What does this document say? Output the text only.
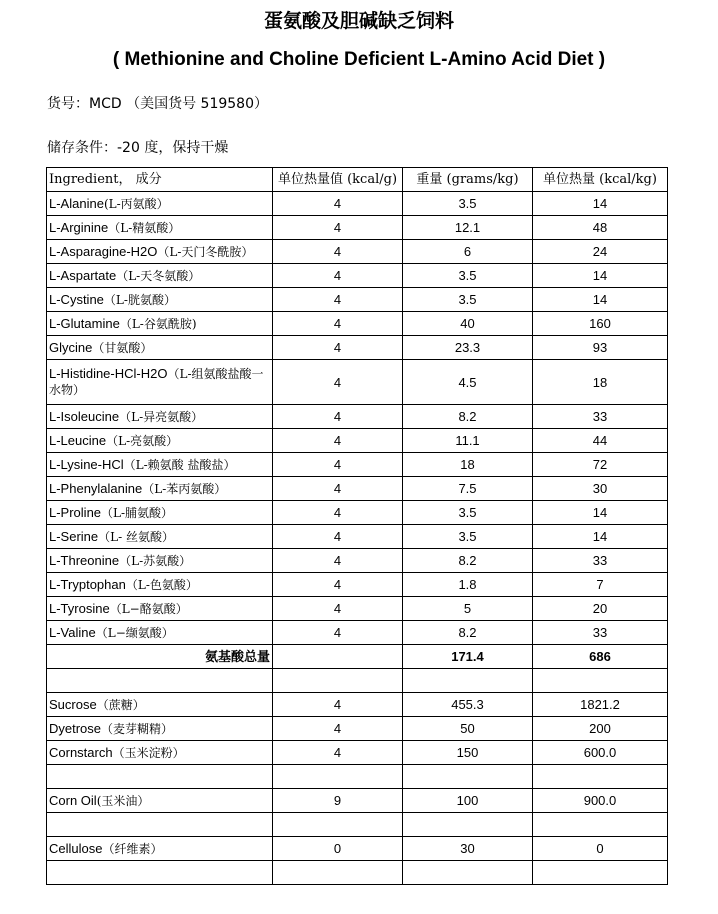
蛋氨酸及胆碱缺乏饲料
( Methionine and Choline Deficient L-Amino Acid Diet )
货号：MCD （美国货号 519580）
储存条件：-20 度，保持干燥
Ingredient， 成分	单位热量值 (kcal/g)	重量 (grams/kg)	单位热量 (kcal/kg)
L-Alanine(L-丙氨酸）	4	3.5	14
L-Arginine（L-精氨酸）	4	12.1	48
L-Asparagine-H2O（L-天门冬酰胺）	4	6	24
L-Aspartate（L-天冬氨酸）	4	3.5	14
L-Cystine（L-胱氨酸）	4	3.5	14
L-Glutamine（L-谷氨酰胺)	4	40	160
Glycine（甘氨酸）	4	23.3	93
L-Histidine-HCl-H2O（L-组氨酸盐酸一水物）	4	4.5	18
L-Isoleucine（L-异亮氨酸）	4	8.2	33
L-Leucine（L-亮氨酸）	4	11.1	44
L-Lysine-HCl（L-赖氨酸 盐酸盐）	4	18	72
L-Phenylalanine（L-苯丙氨酸）	4	7.5	30
L-Proline（L-脯氨酸）	4	3.5	14
L-Serine（L- 丝氨酸）	4	3.5	14
L-Threonine（L-苏氨酸）	4	8.2	33
L-Tryptophan（L-色氨酸）	4	1.8	7
L-Tyrosine（L−酪氨酸）	4	5	20
L-Valine（L−缬氨酸）	4	8.2	33
氨基酸总量		171.4	686

Sucrose（蔗糖）	4	455.3	1821.2
Dyetrose（麦芽糊精）	4	50	200
Cornstarch（玉米淀粉）	4	150	600.0

Corn Oil(玉米油）	9	100	900.0

Cellulose（纤维素）	0	30	0
